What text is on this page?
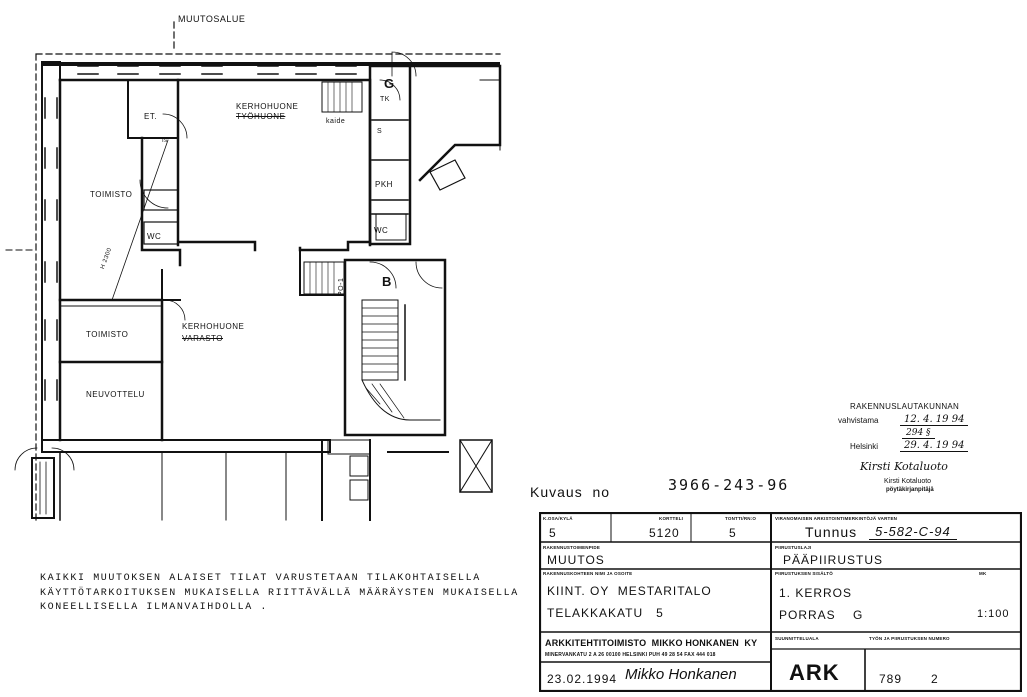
MUUTOSALUE
ET.
Is
TOIMISTO
WC
H 2300
TOIMISTO
NEUVOTTELU
KERHOHUONE
TYÖHUONE
kaide
KERHOHUONE
VARASTO
G
TK
S
PKH
WC
B
PO-1
KAIKKI MUUTOKSEN ALAISET TILAT VARUSTETAAN TILAKOHTAISELLA
KÄYTTÖTARKOITUKSEN MUKAISELLA RIITTÄVÄLLÄ MÄÄRÄYSTEN MUKAISELLA
KONEELLISELLA ILMANVAIHDOLLA .
RAKENNUSLAUTAKUNNAN
vahvistama	12. 4. 19 94
294 §
Helsinki	29. 4. 19 94
Kirsti Kotaluoto
Kirsti Kotaluoto
pöytäkirjanpitäjä
Kuvaus  no	3966-243-96
K.OSA/KYLÄ	KORTTELI	TONTTI/RN:O
5	5120	5
VIRANOMAISEN ARKISTOINTIMERKINTÖJÄ VARTEN
Tunnus	5-582-C-94
RAKENNUSTOIMENPIDE
MUUTOS
PIIRUSTUSLAJI
PÄÄPIIRUSTUS
RAKENNUSKOHTEEN NIMI JA OSOITE
KIINT. OY  MESTARITALO
TELAKKAKATU   5
PIIRUSTUKSEN SISÄLTÖ	MK
1. KERROS
PORRAS    G	1:100
ARKKITEHTITOIMISTO  MIKKO HONKANEN  KY
MINERVANKATU 2 A 26 00100 HELSINKI PUH 49 28 54 FAX 444 018
SUUNNITTELUALA	TYÖN JA PIIRUSTUKSEN NUMERO
23.02.1994 Mikko Honkanen ARK	789 2
